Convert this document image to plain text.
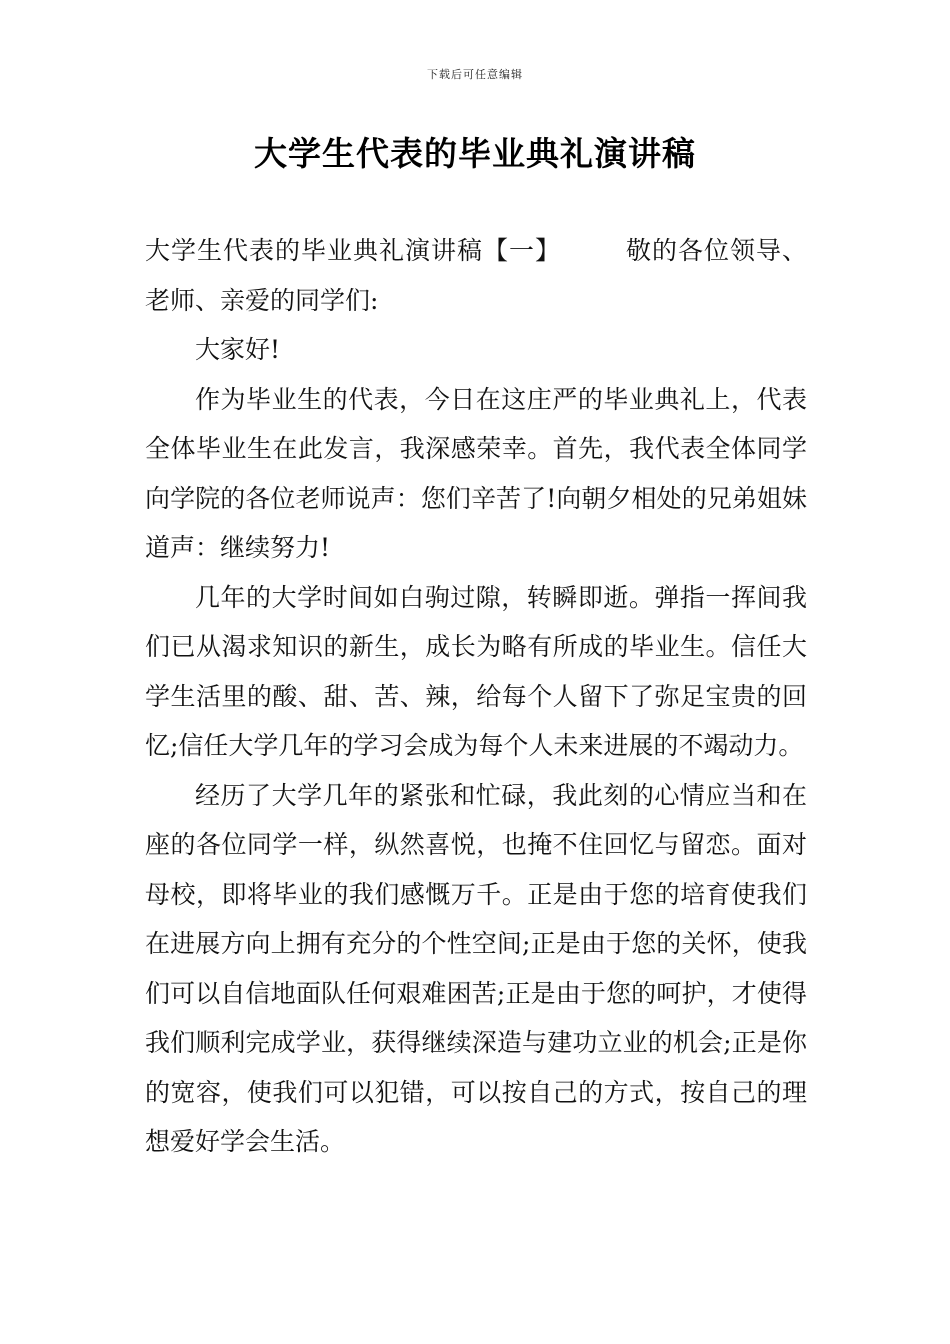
下载后可任意编辑
大学生代表的毕业典礼演讲稿

大学生代表的毕业典礼演讲稿【一】	敬的各位领导、老师、亲爱的同学们:

大家好!

作为毕业生的代表，今日在这庄严的毕业典礼上，代表全体毕业生在此发言，我深感荣幸。首先，我代表全体同学向学院的各位老师说声：您们辛苦了!向朝夕相处的兄弟姐妹道声：继续努力!

几年的大学时间如白驹过隙，转瞬即逝。弹指一挥间我们已从渴求知识的新生，成长为略有所成的毕业生。信任大学生活里的酸、甜、苦、辣，给每个人留下了弥足宝贵的回忆;信任大学几年的学习会成为每个人未来进展的不竭动力。

经历了大学几年的紧张和忙碌，我此刻的心情应当和在座的各位同学一样，纵然喜悦，也掩不住回忆与留恋。面对母校，即将毕业的我们感慨万千。正是由于您的培育使我们在进展方向上拥有充分的个性空间;正是由于您的关怀，使我们可以自信地面队任何艰难困苦;正是由于您的呵护，才使得我们顺利完成学业，获得继续深造与建功立业的机会;正是你的宽容，使我们可以犯错，可以按自己的方式，按自己的理想爱好学会生活。
